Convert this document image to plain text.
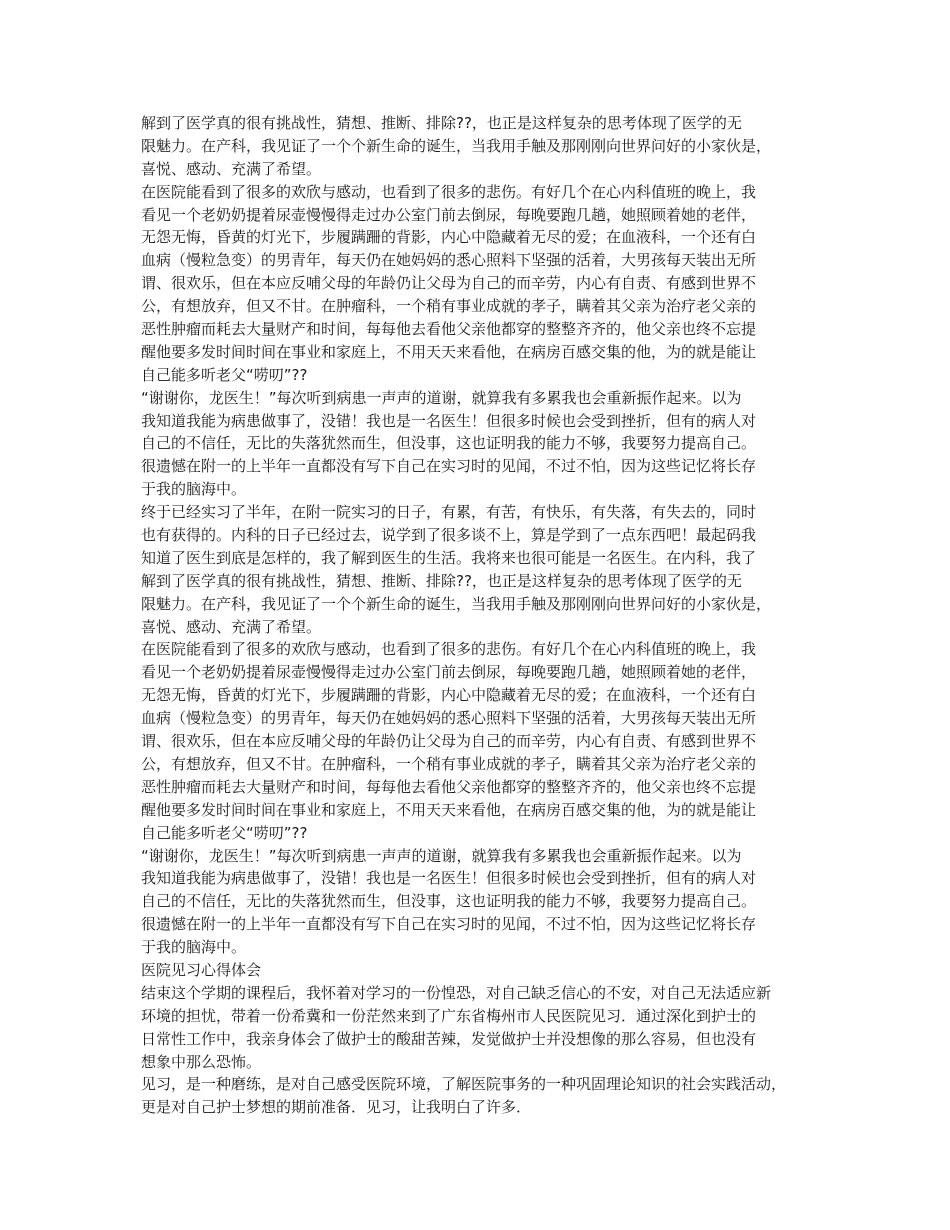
解到了医学真的很有挑战性，猜想、推断、排除??，也正是这样复杂的思考体现了医学的无
限魅力。在产科，我见证了一个个新生命的诞生，当我用手触及那刚刚向世界问好的小家伙是，
喜悦、感动、充满了希望。
在医院能看到了很多的欢欣与感动，也看到了很多的悲伤。有好几个在心内科值班的晚上，我
看见一个老奶奶提着尿壶慢慢得走过办公室门前去倒尿，每晚要跑几趟，她照顾着她的老伴，
无怨无悔，昏黄的灯光下，步履蹒跚的背影，内心中隐藏着无尽的爱；在血液科，一个还有白
血病（慢粒急变）的男青年，每天仍在她妈妈的悉心照料下坚强的活着，大男孩每天装出无所
谓、很欢乐，但在本应反哺父母的年龄仍让父母为自己的而辛劳，内心有自责、有感到世界不
公，有想放弃，但又不甘。在肿瘤科，一个稍有事业成就的孝子，瞒着其父亲为治疗老父亲的
恶性肿瘤而耗去大量财产和时间，每每他去看他父亲他都穿的整整齐齐的，他父亲也终不忘提
醒他要多发时间时间在事业和家庭上，不用天天来看他，在病房百感交集的他，为的就是能让
自己能多听老父“唠叨”??
“谢谢你，龙医生！”每次听到病患一声声的道谢，就算我有多累我也会重新振作起来。以为
我知道我能为病患做事了，没错！我也是一名医生！但很多时候也会受到挫折，但有的病人对
自己的不信任，无比的失落犹然而生，但没事，这也证明我的能力不够，我要努力提高自己。
很遗憾在附一的上半年一直都没有写下自己在实习时的见闻，不过不怕，因为这些记忆将长存
于我的脑海中。
终于已经实习了半年，在附一院实习的日子，有累，有苦，有快乐，有失落，有失去的，同时
也有获得的。内科的日子已经过去，说学到了很多谈不上，算是学到了一点东西吧！最起码我
知道了医生到底是怎样的，我了解到医生的生活。我将来也很可能是一名医生。在内科，我了
解到了医学真的很有挑战性，猜想、推断、排除??，也正是这样复杂的思考体现了医学的无
限魅力。在产科，我见证了一个个新生命的诞生，当我用手触及那刚刚向世界问好的小家伙是，
喜悦、感动、充满了希望。
在医院能看到了很多的欢欣与感动，也看到了很多的悲伤。有好几个在心内科值班的晚上，我
看见一个老奶奶提着尿壶慢慢得走过办公室门前去倒尿，每晚要跑几趟，她照顾着她的老伴，
无怨无悔，昏黄的灯光下，步履蹒跚的背影，内心中隐藏着无尽的爱；在血液科，一个还有白
血病（慢粒急变）的男青年，每天仍在她妈妈的悉心照料下坚强的活着，大男孩每天装出无所
谓、很欢乐，但在本应反哺父母的年龄仍让父母为自己的而辛劳，内心有自责、有感到世界不
公，有想放弃，但又不甘。在肿瘤科，一个稍有事业成就的孝子，瞒着其父亲为治疗老父亲的
恶性肿瘤而耗去大量财产和时间，每每他去看他父亲他都穿的整整齐齐的，他父亲也终不忘提
醒他要多发时间时间在事业和家庭上，不用天天来看他，在病房百感交集的他，为的就是能让
自己能多听老父“唠叨”??
“谢谢你，龙医生！”每次听到病患一声声的道谢，就算我有多累我也会重新振作起来。以为
我知道我能为病患做事了，没错！我也是一名医生！但很多时候也会受到挫折，但有的病人对
自己的不信任，无比的失落犹然而生，但没事，这也证明我的能力不够，我要努力提高自己。
很遗憾在附一的上半年一直都没有写下自己在实习时的见闻，不过不怕，因为这些记忆将长存
于我的脑海中。
医院见习心得体会
结束这个学期的课程后，我怀着对学习的一份惶恐，对自己缺乏信心的不安，对自己无法适应新
环境的担忧，带着一份希冀和一份茫然来到了广东省梅州市人民医院见习．通过深化到护士的
日常性工作中，我亲身体会了做护士的酸甜苦辣，发觉做护士并没想像的那么容易，但也没有
想象中那么恐怖。
见习，是一种磨练，是对自己感受医院环境，了解医院事务的一种巩固理论知识的社会实践活动，
更是对自己护士梦想的期前准备．见习，让我明白了许多．
